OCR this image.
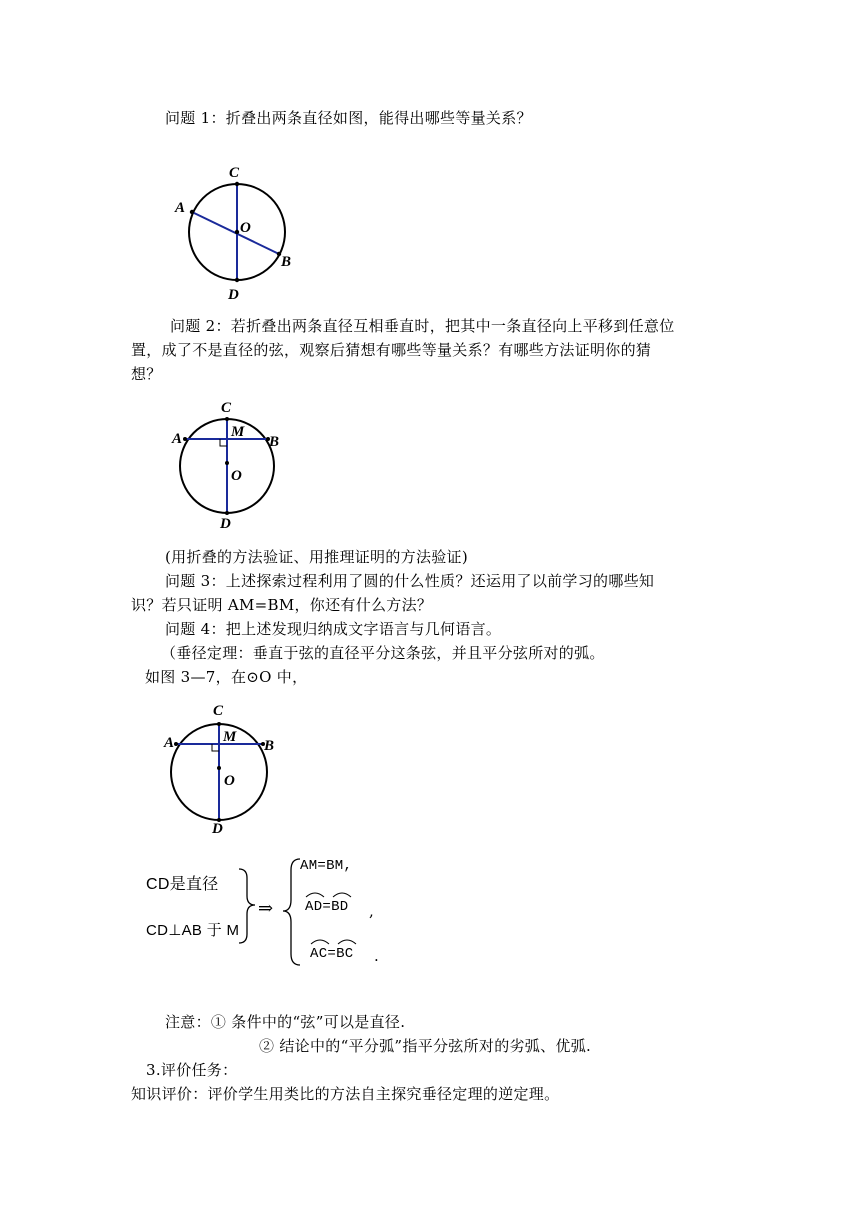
问题 1：折叠出两条直径如图，能得出哪些等量关系？
C
A
O
B
D
问题 2：若折叠出两条直径互相垂直时，把其中一条直径向上平移到任意位
置，成了不是直径的弦，观察后猜想有哪些等量关系？有哪些方法证明你的猜
想？
C
A	M
B
O
D
(用折叠的方法验证、用推理证明的方法验证)
问题 3：上述探索过程利用了圆的什么性质？还运用了以前学习的哪些知
识？若只证明 AM=BM，你还有什么方法？
问题 4：把上述发现归纳成文字语言与几何语言。
（垂径定理：垂直于弦的直径平分这条弦，并且平分弦所对的弧。
如图 3—7，在⊙O 中，
C
A	M
B
O
D
CD是直径
CD⊥AB 于 M
⇒
AM=BM,
AD=BD ,
AC=BC .
注意：① 条件中的“弦”可以是直径.
② 结论中的“平分弧”指平分弦所对的劣弧、优弧.
3.评价任务：
知识评价：评价学生用类比的方法自主探究垂径定理的逆定理。
